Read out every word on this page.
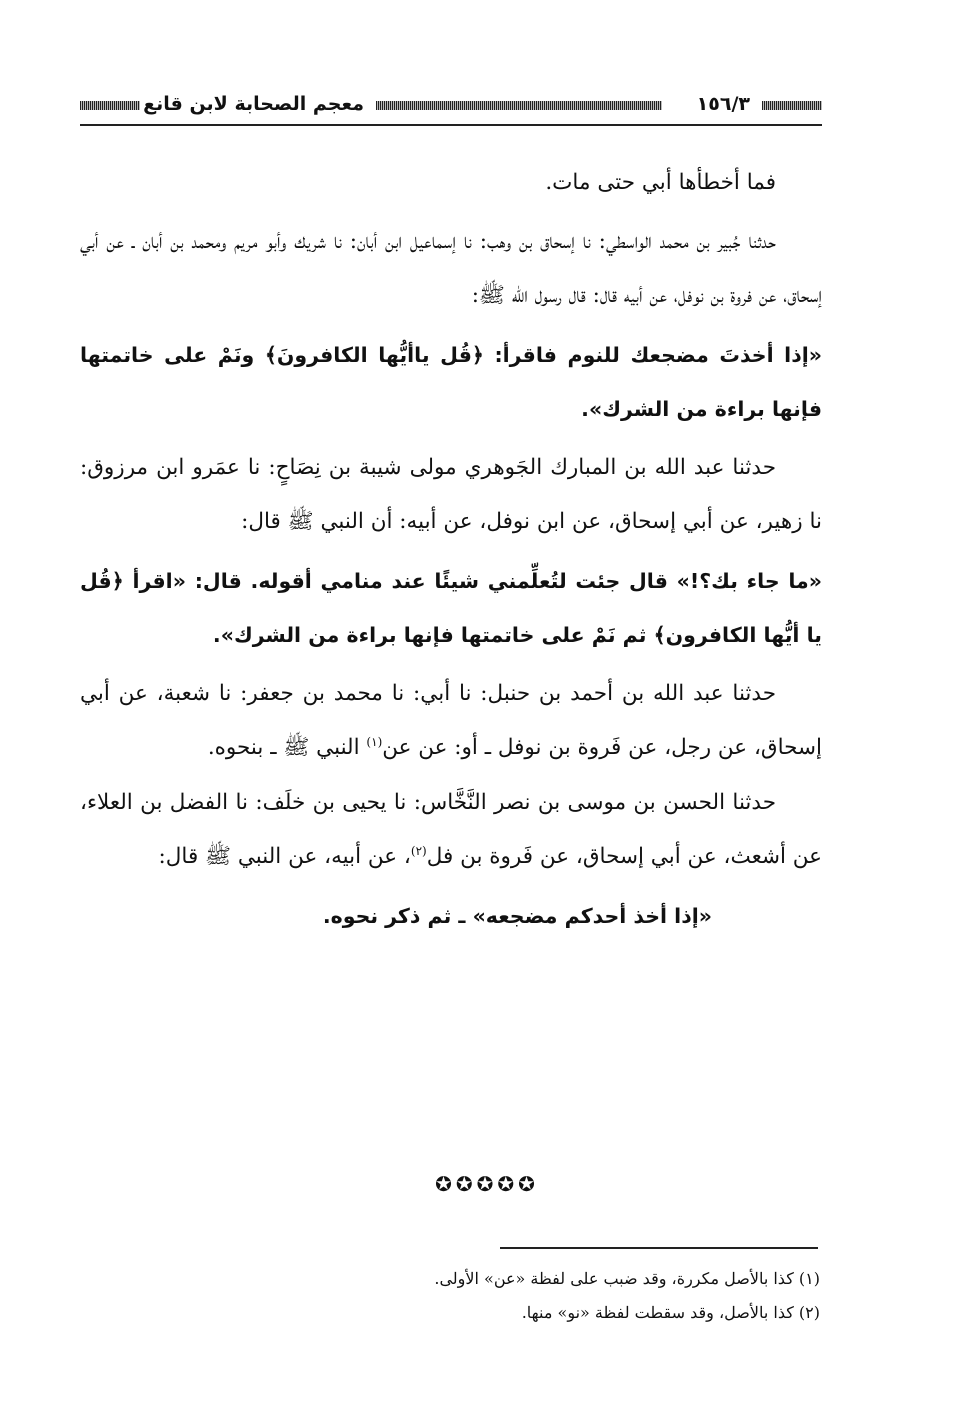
١٥٦/٣
معجم الصحابة لابن قانع

فما أخطأها أبي حتى مات.

حدثنا جُبير بن محمد الواسطي: نا إسحاق بن وهب: نا إسماعيل ابن أبان: نا شريك وأبو مريم ومحمد بن أبان ـ عن أبي إسحاق، عن فروة بن نوفل، عن أبيه قال: قال رسول الله ﷺ:

«إذا أخذتَ مضجعك للنوم فاقرأ: ﴿قُل ياأيُّها الكافرونَ﴾ ونَمْ على خاتمتها فإنها براءة من الشرك».

حدثنا عبد الله بن المبارك الجَوهري مولى شيبة بن نِصَاحٍ: نا عمَرو ابن مرزوق: نا زهير، عن أبي إسحاق، عن ابن نوفل، عن أبيه: أن النبي ﷺ قال:

«ما جاء بك؟!» قال جئت لتُعلِّمني شيئًا عند منامي أقوله. قال: «اقرأ ﴿قُل يا أيُّها الكافرون﴾ ثم نَمْ على خاتمتها فإنها براءة من الشرك».

حدثنا عبد الله بن أحمد بن حنبل: نا أبي: نا محمد بن جعفر: نا شعبة، عن أبي إسحاق، عن رجل، عن فَروة بن نوفل ـ أو: عن عن$^{(١)}$ النبي ﷺ ـ بنحوه.

حدثنا الحسن بن موسى بن نصر النَّخَّاس: نا يحيى بن خلَف: نا الفضل بن العلاء، عن أشعث، عن أبي إسحاق، عن فَروة بن فل$^{(٢)}$، عن أبيه، عن النبي ﷺ قال:

«إذا أخذ أحدكم مضجعه» ـ ثم ذكر نحوه.

✪✪✪✪✪
(١) كذا بالأصل مكررة، وقد ضبب على لفظة «عن» الأولى.
(٢) كذا بالأصل، وقد سقطت لفظة «نو» منها.
